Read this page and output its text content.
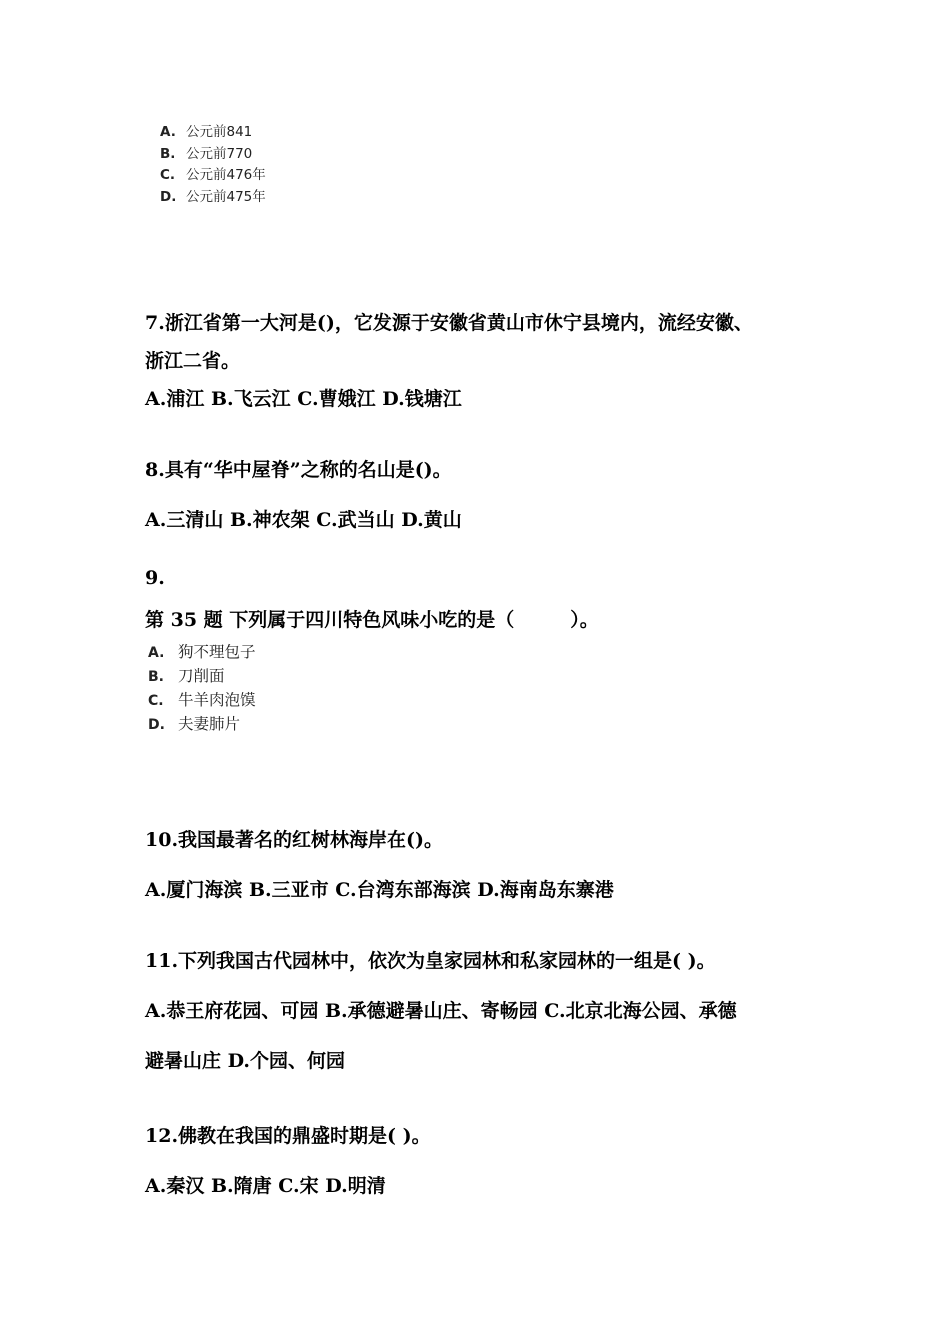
A. 公元前841
B. 公元前770
C. 公元前476年
D. 公元前475年
7.浙江省第一大河是()，它发源于安徽省黄山市休宁县境内，流经安徽、
浙江二省。
A.浦江 B.飞云江 C.曹娥江 D.钱塘江
8.具有“华中屋脊”之称的名山是()。
A.三清山 B.神农架 C.武当山 D.黄山
9.
第 35 题 下列属于四川特色风味小吃的是（	）。
A. 狗不理包子
B. 刀削面
C. 牛羊肉泡馍
D. 夫妻肺片
10.我国最著名的红树林海岸在()。
A.厦门海滨 B.三亚市 C.台湾东部海滨 D.海南岛东寨港
11.下列我国古代园林中，依次为皇家园林和私家园林的一组是( )。
A.恭王府花园、可园 B.承德避暑山庄、寄畅园 C.北京北海公园、承德
避暑山庄 D.个园、何园
12.佛教在我国的鼎盛时期是( )。
A.秦汉 B.隋唐 C.宋 D.明清
